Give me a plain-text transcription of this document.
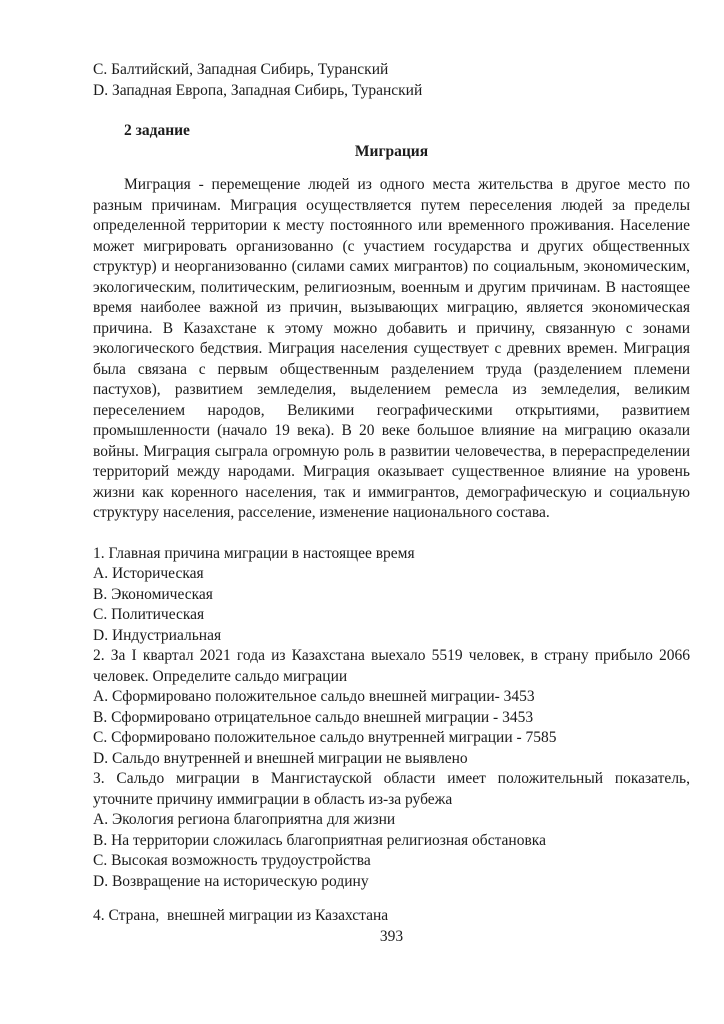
C. Балтийский, Западная Сибирь, Туранский
D. Западная Европа, Западная Сибирь, Туранский
2 задание
Миграция

Миграция - перемещение людей из одного места жительства в другое место по разным причинам. Миграция осуществляется путем переселения людей за пределы определенной территории к месту постоянного или временного проживания. Население может мигрировать организованно (с участием государства и других общественных структур) и неорганизованно (силами самих мигрантов) по социальным, экономическим, экологическим, политическим, религиозным, военным и другим причинам. В настоящее время наиболее важной из причин, вызывающих миграцию, является экономическая причина. В Казахстане к этому можно добавить и причину, связанную с зонами экологического бедствия. Миграция населения существует с древних времен. Миграция была связана с первым общественным разделением труда (разделением племени пастухов), развитием земледелия, выделением ремесла из земледелия, великим переселением народов, Великими географическими открытиями, развитием промышленности (начало 19 века). В 20 веке большое влияние на миграцию оказали войны. Миграция сыграла огромную роль в развитии человечества, в перераспределении территорий между народами. Миграция оказывает существенное влияние на уровень жизни как коренного населения, так и иммигрантов, демографическую и социальную структуру населения, расселение, изменение национального состава.

1. Главная причина миграции в настоящее время
A. Историческая
B. Экономическая
C. Политическая
D. Индустриальная
2. За I квартал 2021 года из Казахстана выехало 5519 человек, в страну прибыло 2066 человек. Определите сальдо миграции
A. Сформировано положительное сальдо внешней миграции- 3453
B. Сформировано отрицательное сальдо внешней миграции - 3453
C. Сформировано положительное сальдо внутренней миграции - 7585
D. Сальдо внутренней и внешней миграции не выявлено
3. Сальдо миграции в Мангистауской области имеет положительный показатель, уточните причину иммиграции в область из-за рубежа
A. Экология региона благоприятна для жизни
B. На территории сложилась благоприятная религиозная обстановка
C. Высокая возможность трудоустройства
D. Возвращение на историческую родину
4. Страна,  внешней миграции из Казахстана
393
